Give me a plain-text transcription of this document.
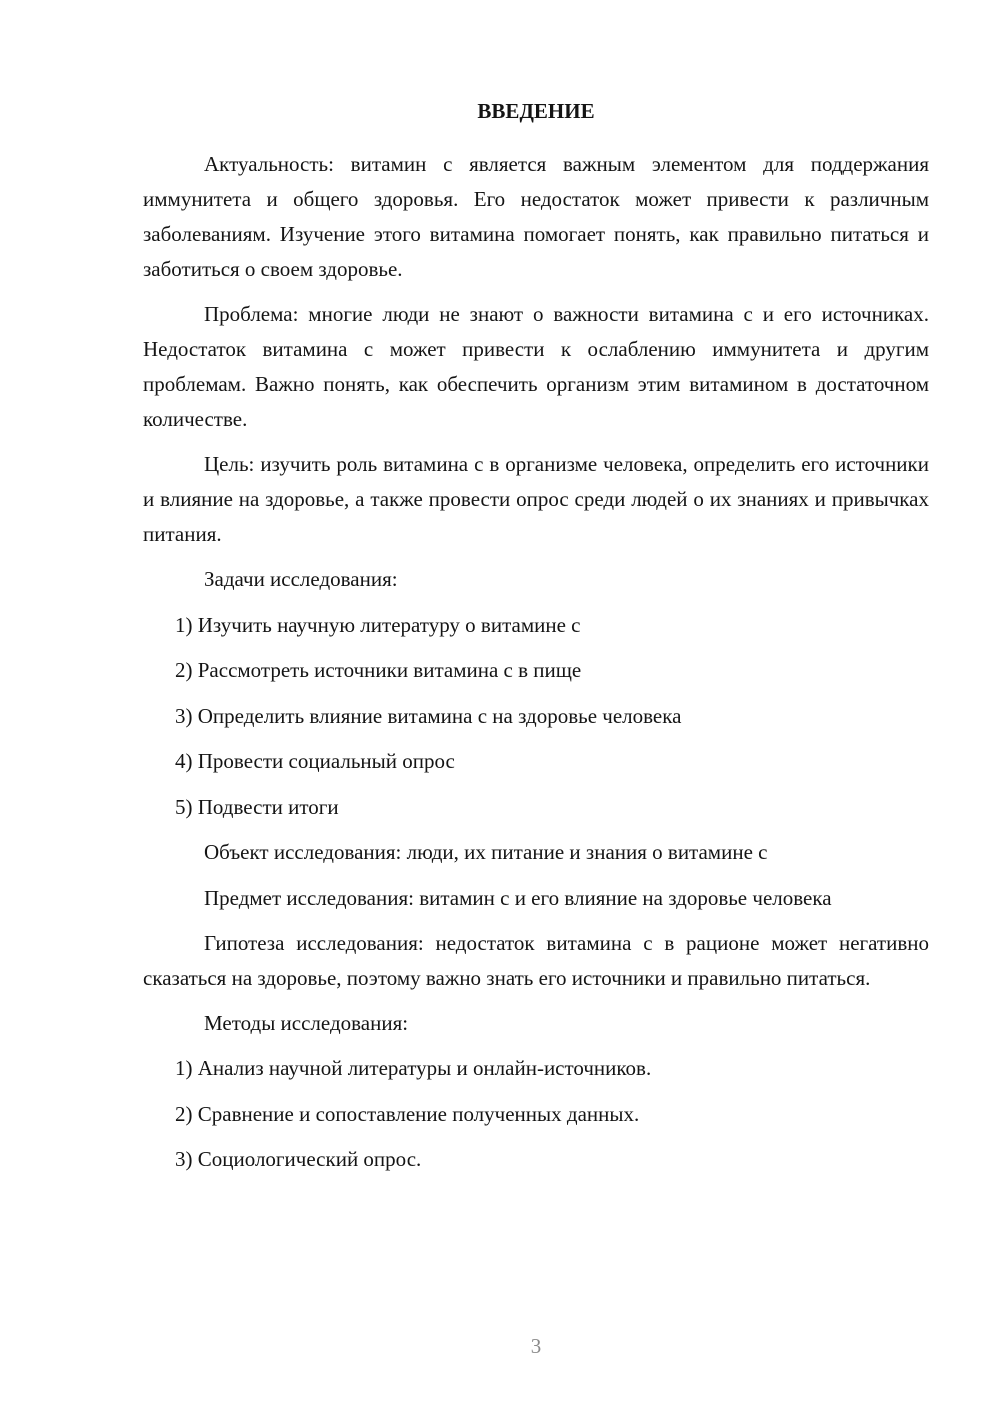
ВВЕДЕНИЕ

Актуальность: витамин с является важным элементом для поддержания иммунитета и общего здоровья. Его недостаток может привести к различным заболеваниям. Изучение этого витамина помогает понять, как правильно питаться и заботиться о своем здоровье.

Проблема: многие люди не знают о важности витамина с и его источниках. Недостаток витамина с может привести к ослаблению иммунитета и другим проблемам. Важно понять, как обеспечить организм этим витамином в достаточном количестве.

Цель: изучить роль витамина с в организме человека, определить его источники и влияние на здоровье, а также провести опрос среди людей о их знаниях и привычках питания.

Задачи исследования:
1) Изучить научную литературу о витамине с
2) Рассмотреть источники витамина с в пище
3) Определить влияние витамина с на здоровье человека
4) Провести социальный опрос
5) Подвести итоги
Объект исследования: люди, их питание и знания о витамине с

Предмет исследования: витамин с и его влияние на здоровье человека

Гипотеза исследования: недостаток витамина с в рационе может негативно сказаться на здоровье, поэтому важно знать его источники и правильно питаться.

Методы исследования:
1) Анализ научной литературы и онлайн-источников.
2) Сравнение и сопоставление полученных данных.
3) Социологический опрос.
3
